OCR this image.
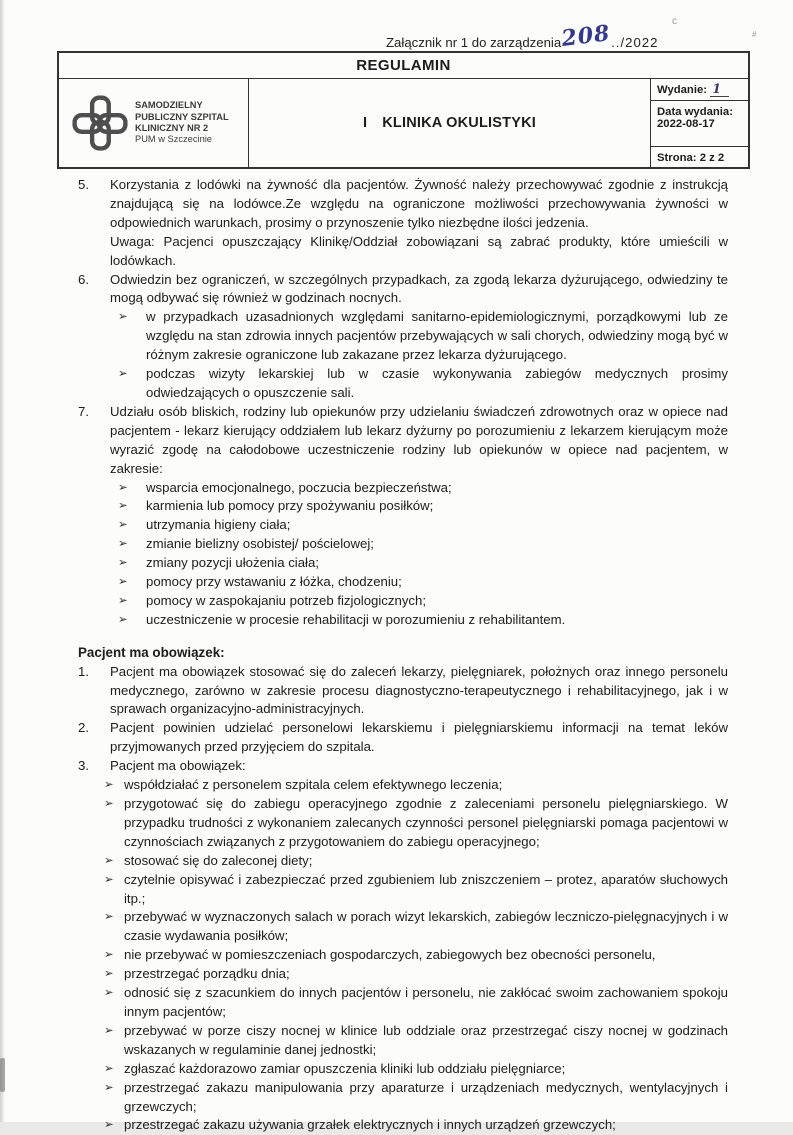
c
#
Załącznik nr 1 do zarządzenia208../2022
REGULAMIN
SAMODZIELNY
PUBLICZNY SZPITAL
KLINICZNY NR 2
PUM w Szczecinie
I KLINIKA OKULISTYKI
Wydanie: 1
Data wydania:
2022-08-17
Strona: 2 z 2
5.	Korzystania z lodówki na żywność dla pacjentów. Żywność należy przechowywać zgodnie z instrukcją znajdującą się na lodówce.Ze względu na ograniczone możliwości przechowywania żywności w odpowiednich warunkach, prosimy o przynoszenie tylko niezbędne ilości jedzenia.
Uwaga: Pacjenci opuszczający Klinikę/Oddział zobowiązani są zabrać produkty, które umieścili w lodówkach.
6.	Odwiedzin bez ograniczeń, w szczególnych przypadkach, za zgodą lekarza dyżurującego, odwiedziny te mogą odbywać się również w godzinach nocnych.
➢	w przypadkach uzasadnionych względami sanitarno-epidemiologicznymi, porządkowymi lub ze względu na stan zdrowia innych pacjentów przebywających w sali chorych, odwiedziny mogą być w różnym zakresie ograniczone lub zakazane przez lekarza dyżurującego.
➢	podczas wizyty lekarskiej lub w czasie wykonywania zabiegów medycznych prosimy odwiedzających o opuszczenie sali.
7.	Udziału osób bliskich, rodziny lub opiekunów przy udzielaniu świadczeń zdrowotnych oraz w opiece nad pacjentem - lekarz kierujący oddziałem lub lekarz dyżurny po porozumieniu z lekarzem kierującym może wyrazić zgodę na całodobowe uczestniczenie rodziny lub opiekunów w opiece nad pacjentem, w zakresie:
➢	wsparcia emocjonalnego, poczucia bezpieczeństwa;
➢	karmienia lub pomocy przy spożywaniu posiłków;
➢	utrzymania higieny ciała;
➢	zmianie bielizny osobistej/ pościelowej;
➢	zmiany pozycji ułożenia ciała;
➢	pomocy przy wstawaniu z łóżka, chodzeniu;
➢	pomocy w zaspokajaniu potrzeb fizjologicznych;
➢	uczestniczenie w procesie rehabilitacji w porozumieniu z rehabilitantem.
Pacjent ma obowiązek:
1.	Pacjent ma obowiązek stosować się do zaleceń lekarzy, pielęgniarek, położnych oraz innego personelu medycznego, zarówno w zakresie procesu diagnostyczno-terapeutycznego i rehabilitacyjnego, jak i w sprawach organizacyjno-administracyjnych.
2.	Pacjent powinien udzielać personelowi lekarskiemu i pielęgniarskiemu informacji na temat leków przyjmowanych przed przyjęciem do szpitala.
3.	Pacjent ma obowiązek:
➢ współdziałać z personelem szpitala celem efektywnego leczenia;
➢ przygotować się do zabiegu operacyjnego zgodnie z zaleceniami personelu pielęgniarskiego. W przypadku trudności z wykonaniem zalecanych czynności personel pielęgniarski pomaga pacjentowi w czynnościach związanych z przygotowaniem do zabiegu operacyjnego;
➢ stosować się do zaleconej diety;
➢ czytelnie opisywać i zabezpieczać przed zgubieniem lub zniszczeniem – protez, aparatów słuchowych itp.;
➢ przebywać w wyznaczonych salach w porach wizyt lekarskich, zabiegów leczniczo-pielęgnacyjnych i w czasie wydawania posiłków;
➢ nie przebywać w pomieszczeniach gospodarczych, zabiegowych bez obecności personelu,
➢ przestrzegać porządku dnia;
➢ odnosić się z szacunkiem do innych pacjentów i personelu, nie zakłócać swoim zachowaniem spokoju innym pacjentów;
➢ przebywać w porze ciszy nocnej w klinice lub oddziale oraz przestrzegać ciszy nocnej w godzinach wskazanych w regulaminie danej jednostki;
➢ zgłaszać każdorazowo zamiar opuszczenia kliniki lub oddziału pielęgniarce;
➢ przestrzegać zakazu manipulowania przy aparaturze i urządzeniach medycznych, wentylacyjnych i grzewczych;
➢ przestrzegać zakazu używania grzałek elektrycznych i innych urządzeń grzewczych;
